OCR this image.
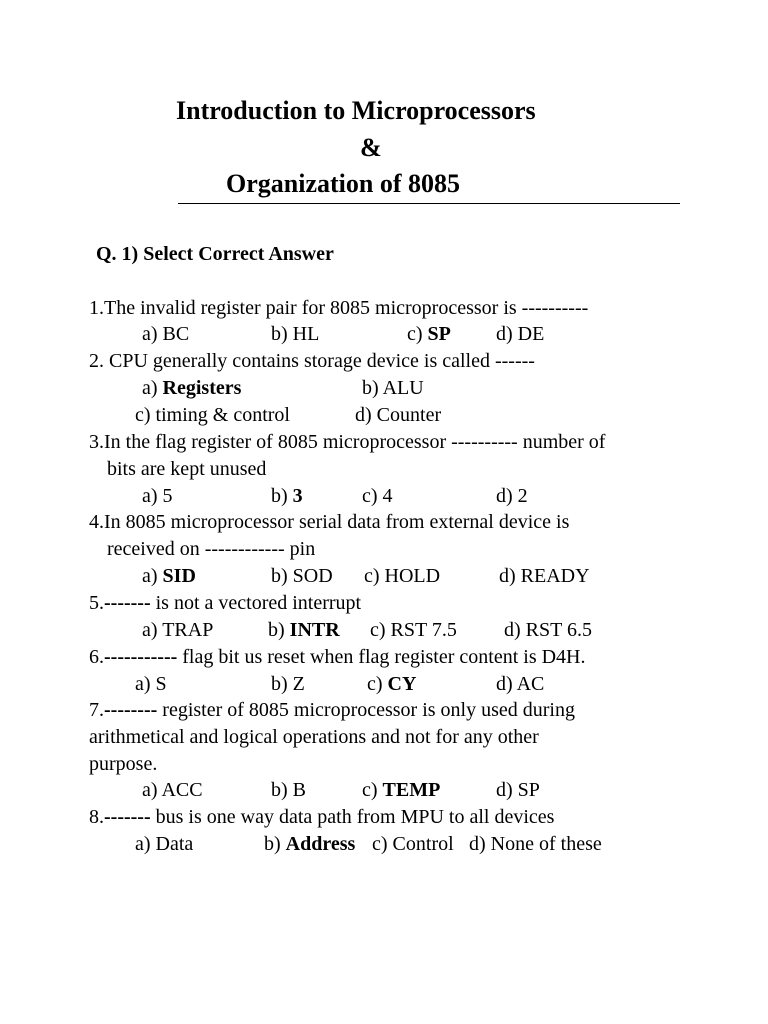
Introduction to Microprocessors
&
Organization of 8085
Q. 1) Select Correct Answer
1.The invalid register pair for 8085 microprocessor is ----------
a) BC	b) HL	c) SP d) DE
2. CPU generally contains storage device is called ------
a) Registers	b) ALU
c) timing & control	d) Counter
3.In the flag register of 8085 microprocessor ---------- number of
bits are kept unused
a) 5	b) 3	c) 4	d) 2
4.In 8085 microprocessor serial data from external device is
received on ------------ pin
a) SID	b) SOD c) HOLD	d) READY
5.------- is not a vectored interrupt
a) TRAP	b) INTR c) RST 7.5 d) RST 6.5
6.----------- flag bit us reset when flag register content is D4H.
a) S	b) Z	c) CY	d) AC
7.-------- register of 8085 microprocessor is only used during
arithmetical and logical operations and not for any other
purpose.
a) ACC	b) B	c) TEMP	d) SP
8.------- bus is one way data path from MPU to all devices
a) Data	b) Address c) Control d) None of these
